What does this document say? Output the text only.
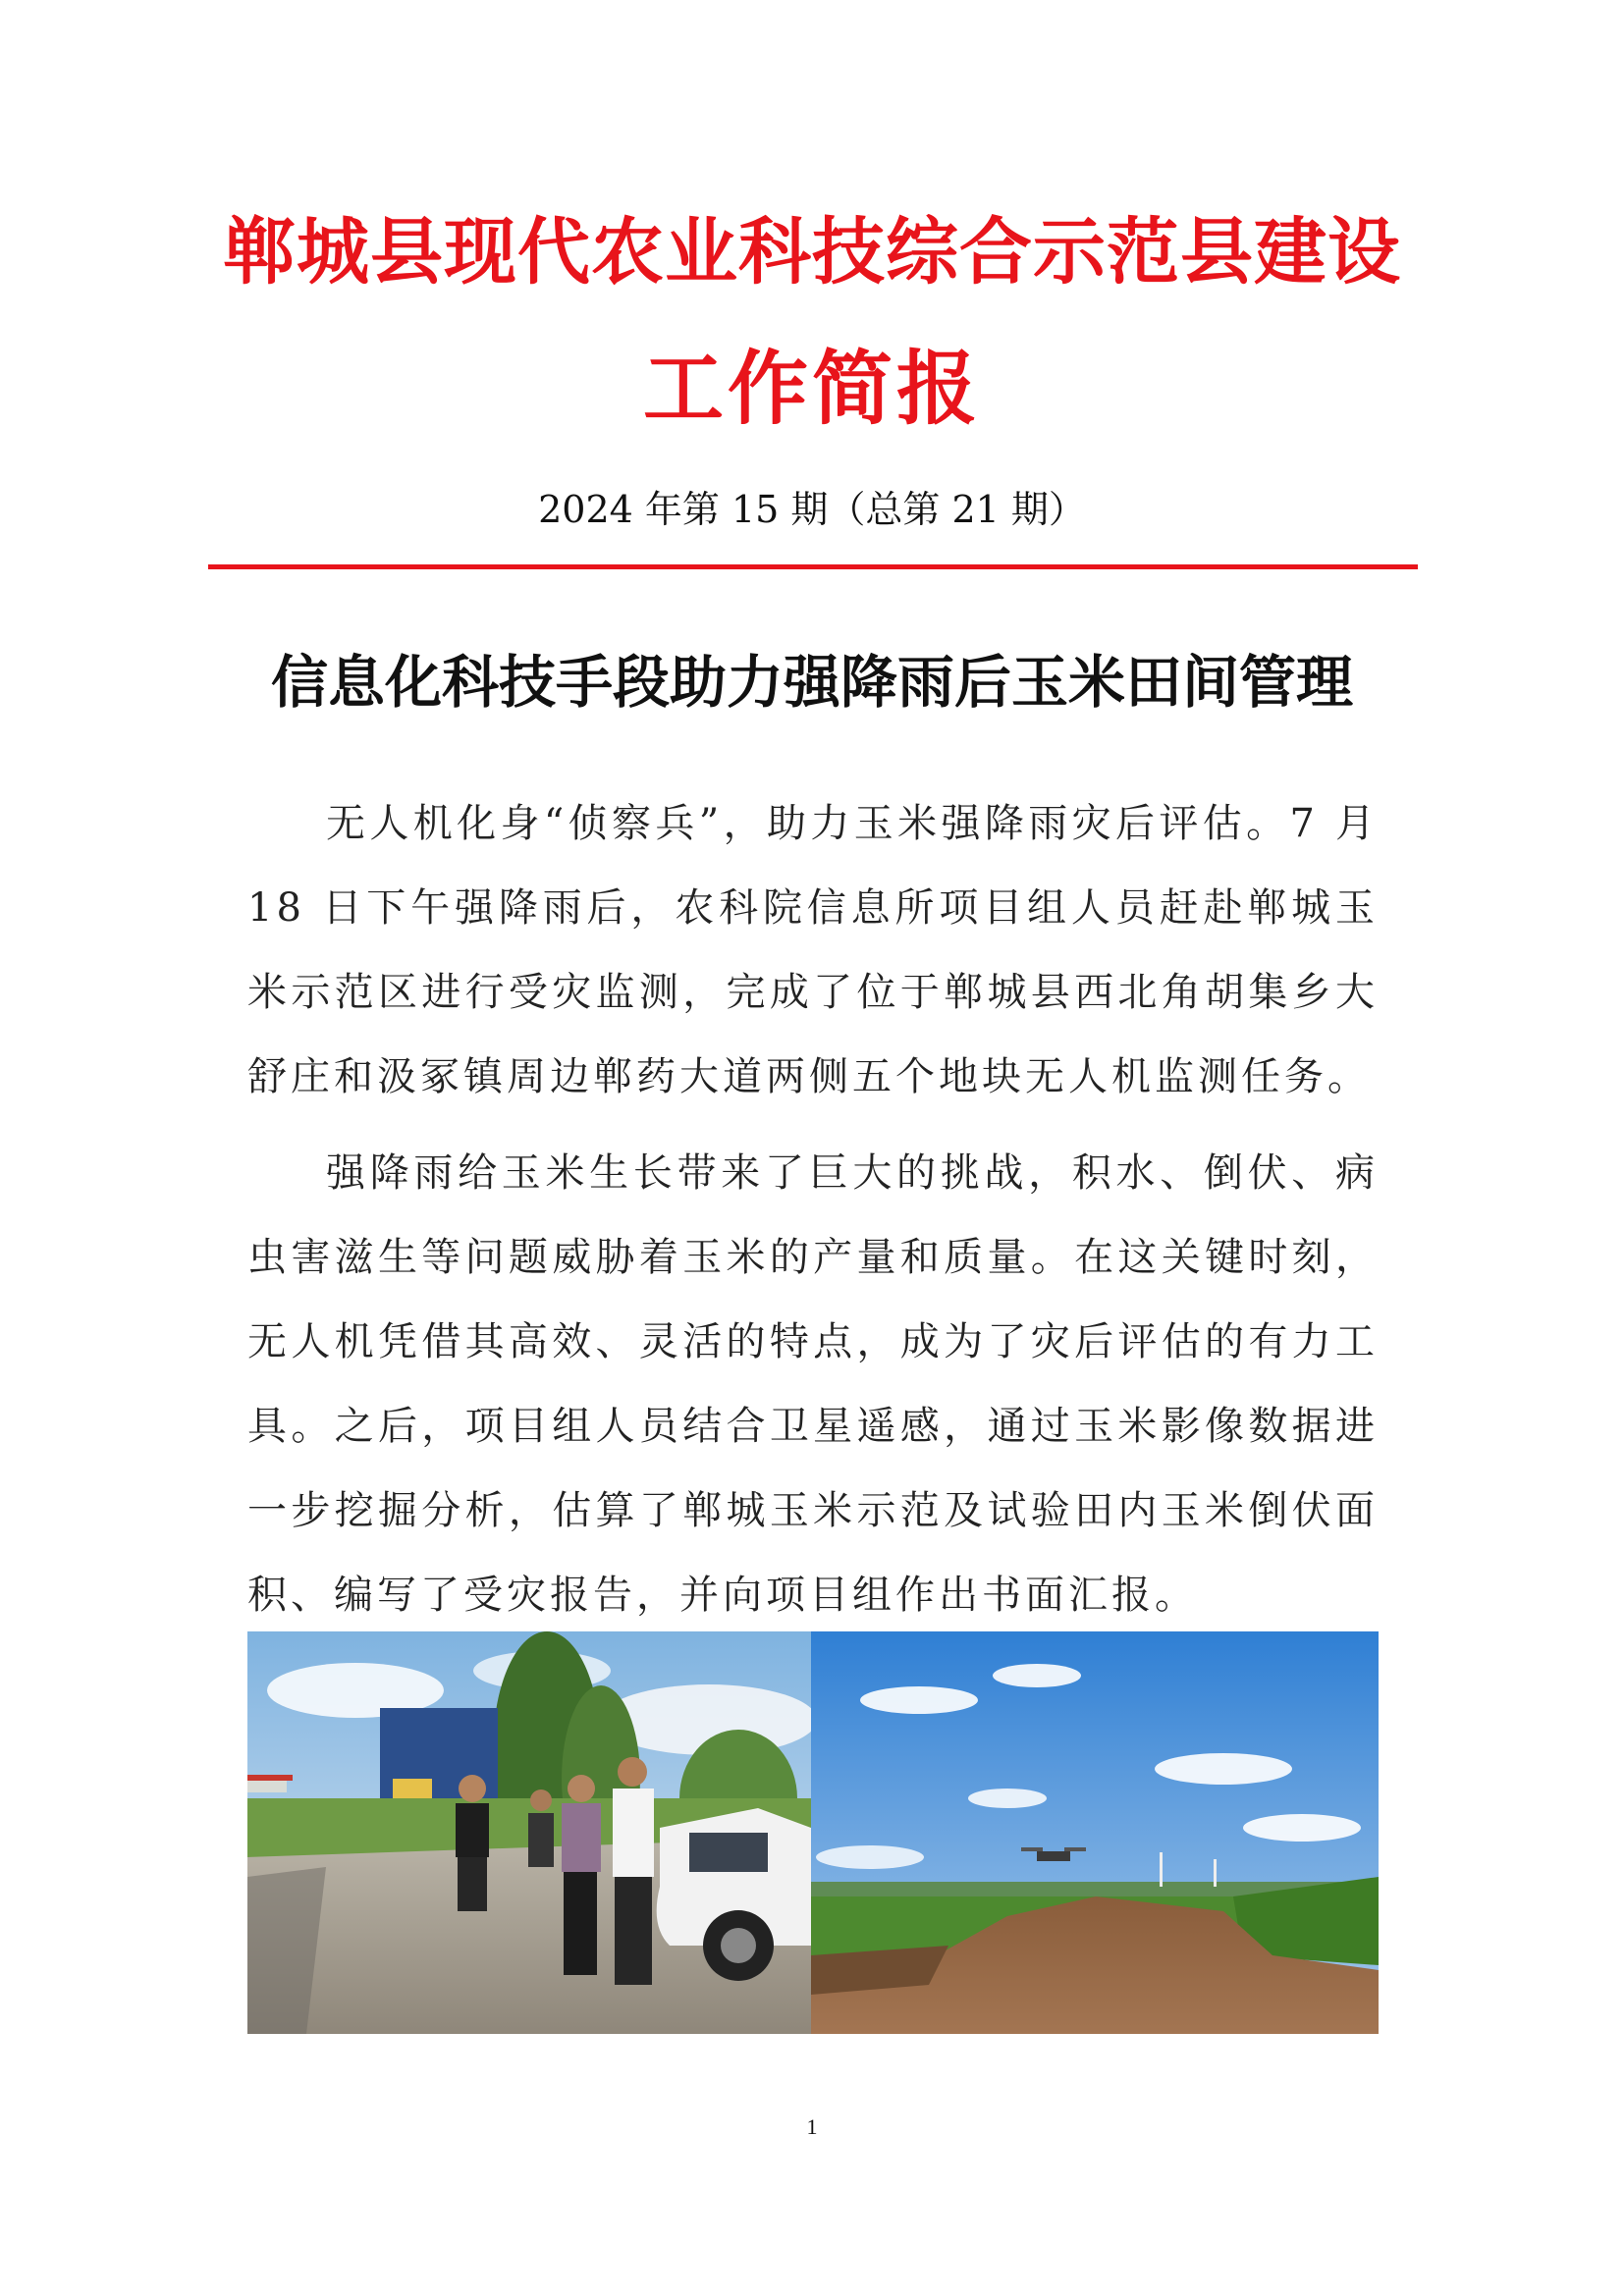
郸城县现代农业科技综合示范县建设
工作简报
2024 年第 15 期（总第 21 期）
信息化科技手段助力强降雨后玉米田间管理

无人机化身“侦察兵”，助力玉米强降雨灾后评估。7 月 18 日下午强降雨后，农科院信息所项目组人员赶赴郸城玉米示范区进行受灾监测，完成了位于郸城县西北角胡集乡大舒庄和汲冢镇周边郸药大道两侧五个地块无人机监测任务。

强降雨给玉米生长带来了巨大的挑战，积水、倒伏、病虫害滋生等问题威胁着玉米的产量和质量。在这关键时刻，无人机凭借其高效、灵活的特点，成为了灾后评估的有力工具。之后，项目组人员结合卫星遥感，通过玉米影像数据进一步挖掘分析，估算了郸城玉米示范及试验田内玉米倒伏面积、编写了受灾报告，并向项目组作出书面汇报。

1
